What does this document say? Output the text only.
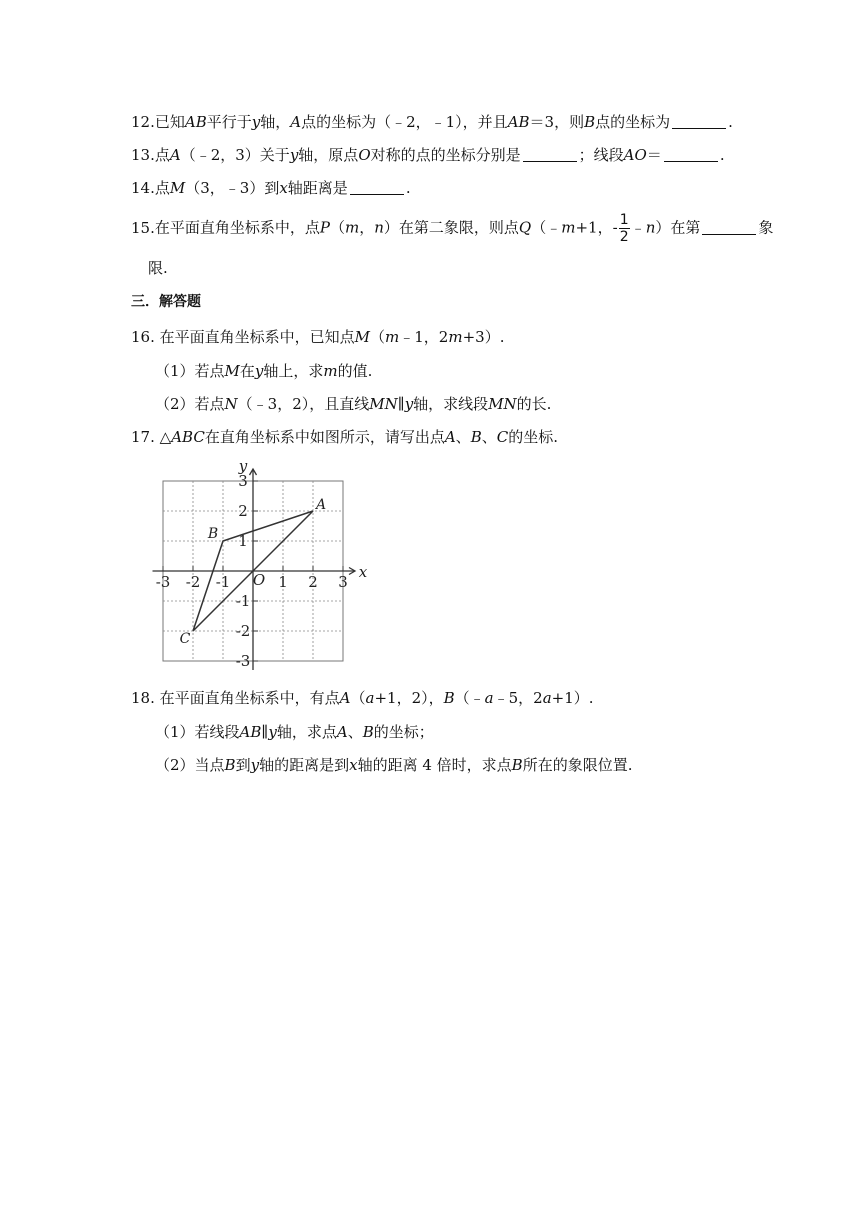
12.已知AB平行于y轴，A点的坐标为（﹣2，﹣1），并且AB＝3，则B点的坐标为	.
13.点A（﹣2，3）关于y轴，原点O对称的点的坐标分别是	；线段AO＝	.
14.点M（3，﹣3）到x轴距离是	.
15.在平面直角坐标系中，点P（m，n）在第二象限，则点Q（﹣m+1，- $\frac{1}{2}$ ﹣n）在第	象
限.
三．解答题
16. 在平面直角坐标系中，已知点M（m﹣1，2m+3）.
（1）若点M在y轴上，求m的值.
（2）若点N（﹣3，2），且直线MN∥y轴，求线段MN的长.
17. △ABC在直角坐标系中如图所示，请写出点A、B、C的坐标.
-3 -2 -1	1 2 3
3
2
1
-1
-2
-3
x
y
O
A
B
C
18. 在平面直角坐标系中，有点A（a+1，2），B（﹣a﹣5，2a+1）.
（1）若线段AB∥y轴，求点A、B的坐标；
（2）当点B到y轴的距离是到x轴的距离 4 倍时，求点B所在的象限位置.
